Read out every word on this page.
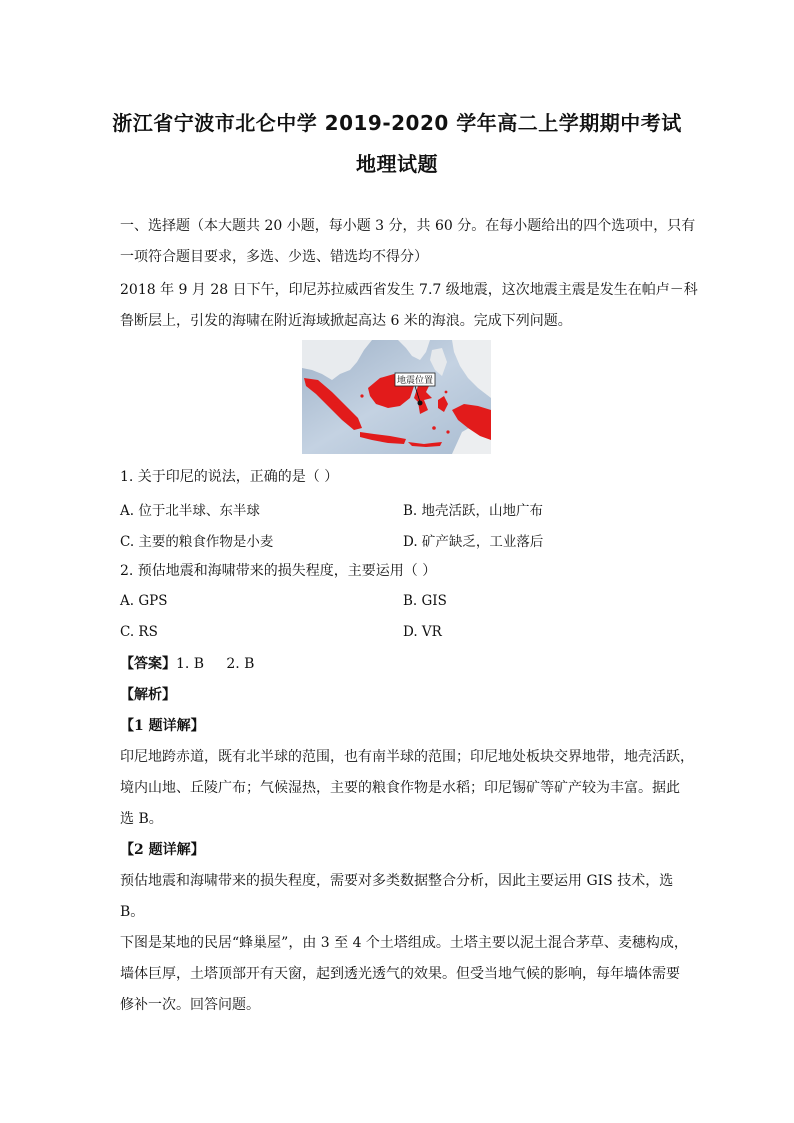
浙江省宁波市北仑中学 2019-2020 学年高二上学期期中考试
地理试题
一、选择题（本大题共 20 小题，每小题 3 分，共 60 分。在每小题给出的四个选项中，只有
一项符合题目要求，多选、少选、错选均不得分）
2018 年 9 月 28 日下午，印尼苏拉威西省发生 7.7 级地震，这次地震主震是发生在帕卢－科
鲁断层上，引发的海啸在附近海域掀起高达 6 米的海浪。完成下列问题。
地震位置
1. 关于印尼的说法，正确的是（ ）
A. 位于北半球、东半球	B. 地壳活跃，山地广布
C. 主要的粮食作物是小麦	D. 矿产缺乏，工业落后
2. 预估地震和海啸带来的损失程度，主要运用（ ）
A. GPS	B. GIS
C. RS	D. VR
【答案】1. B     2. B
【解析】
【1 题详解】
印尼地跨赤道，既有北半球的范围，也有南半球的范围；印尼地处板块交界地带，地壳活跃，
境内山地、丘陵广布；气候湿热，主要的粮食作物是水稻；印尼锡矿等矿产较为丰富。据此
选 B。
【2 题详解】
预估地震和海啸带来的损失程度，需要对多类数据整合分析，因此主要运用 GIS 技术，选
B。
下图是某地的民居“蜂巢屋”，由 3 至 4 个土塔组成。土塔主要以泥土混合茅草、麦穗构成，
墙体巨厚，土塔顶部开有天窗，起到透光透气的效果。但受当地气候的影响，每年墙体需要
修补一次。回答问题。
